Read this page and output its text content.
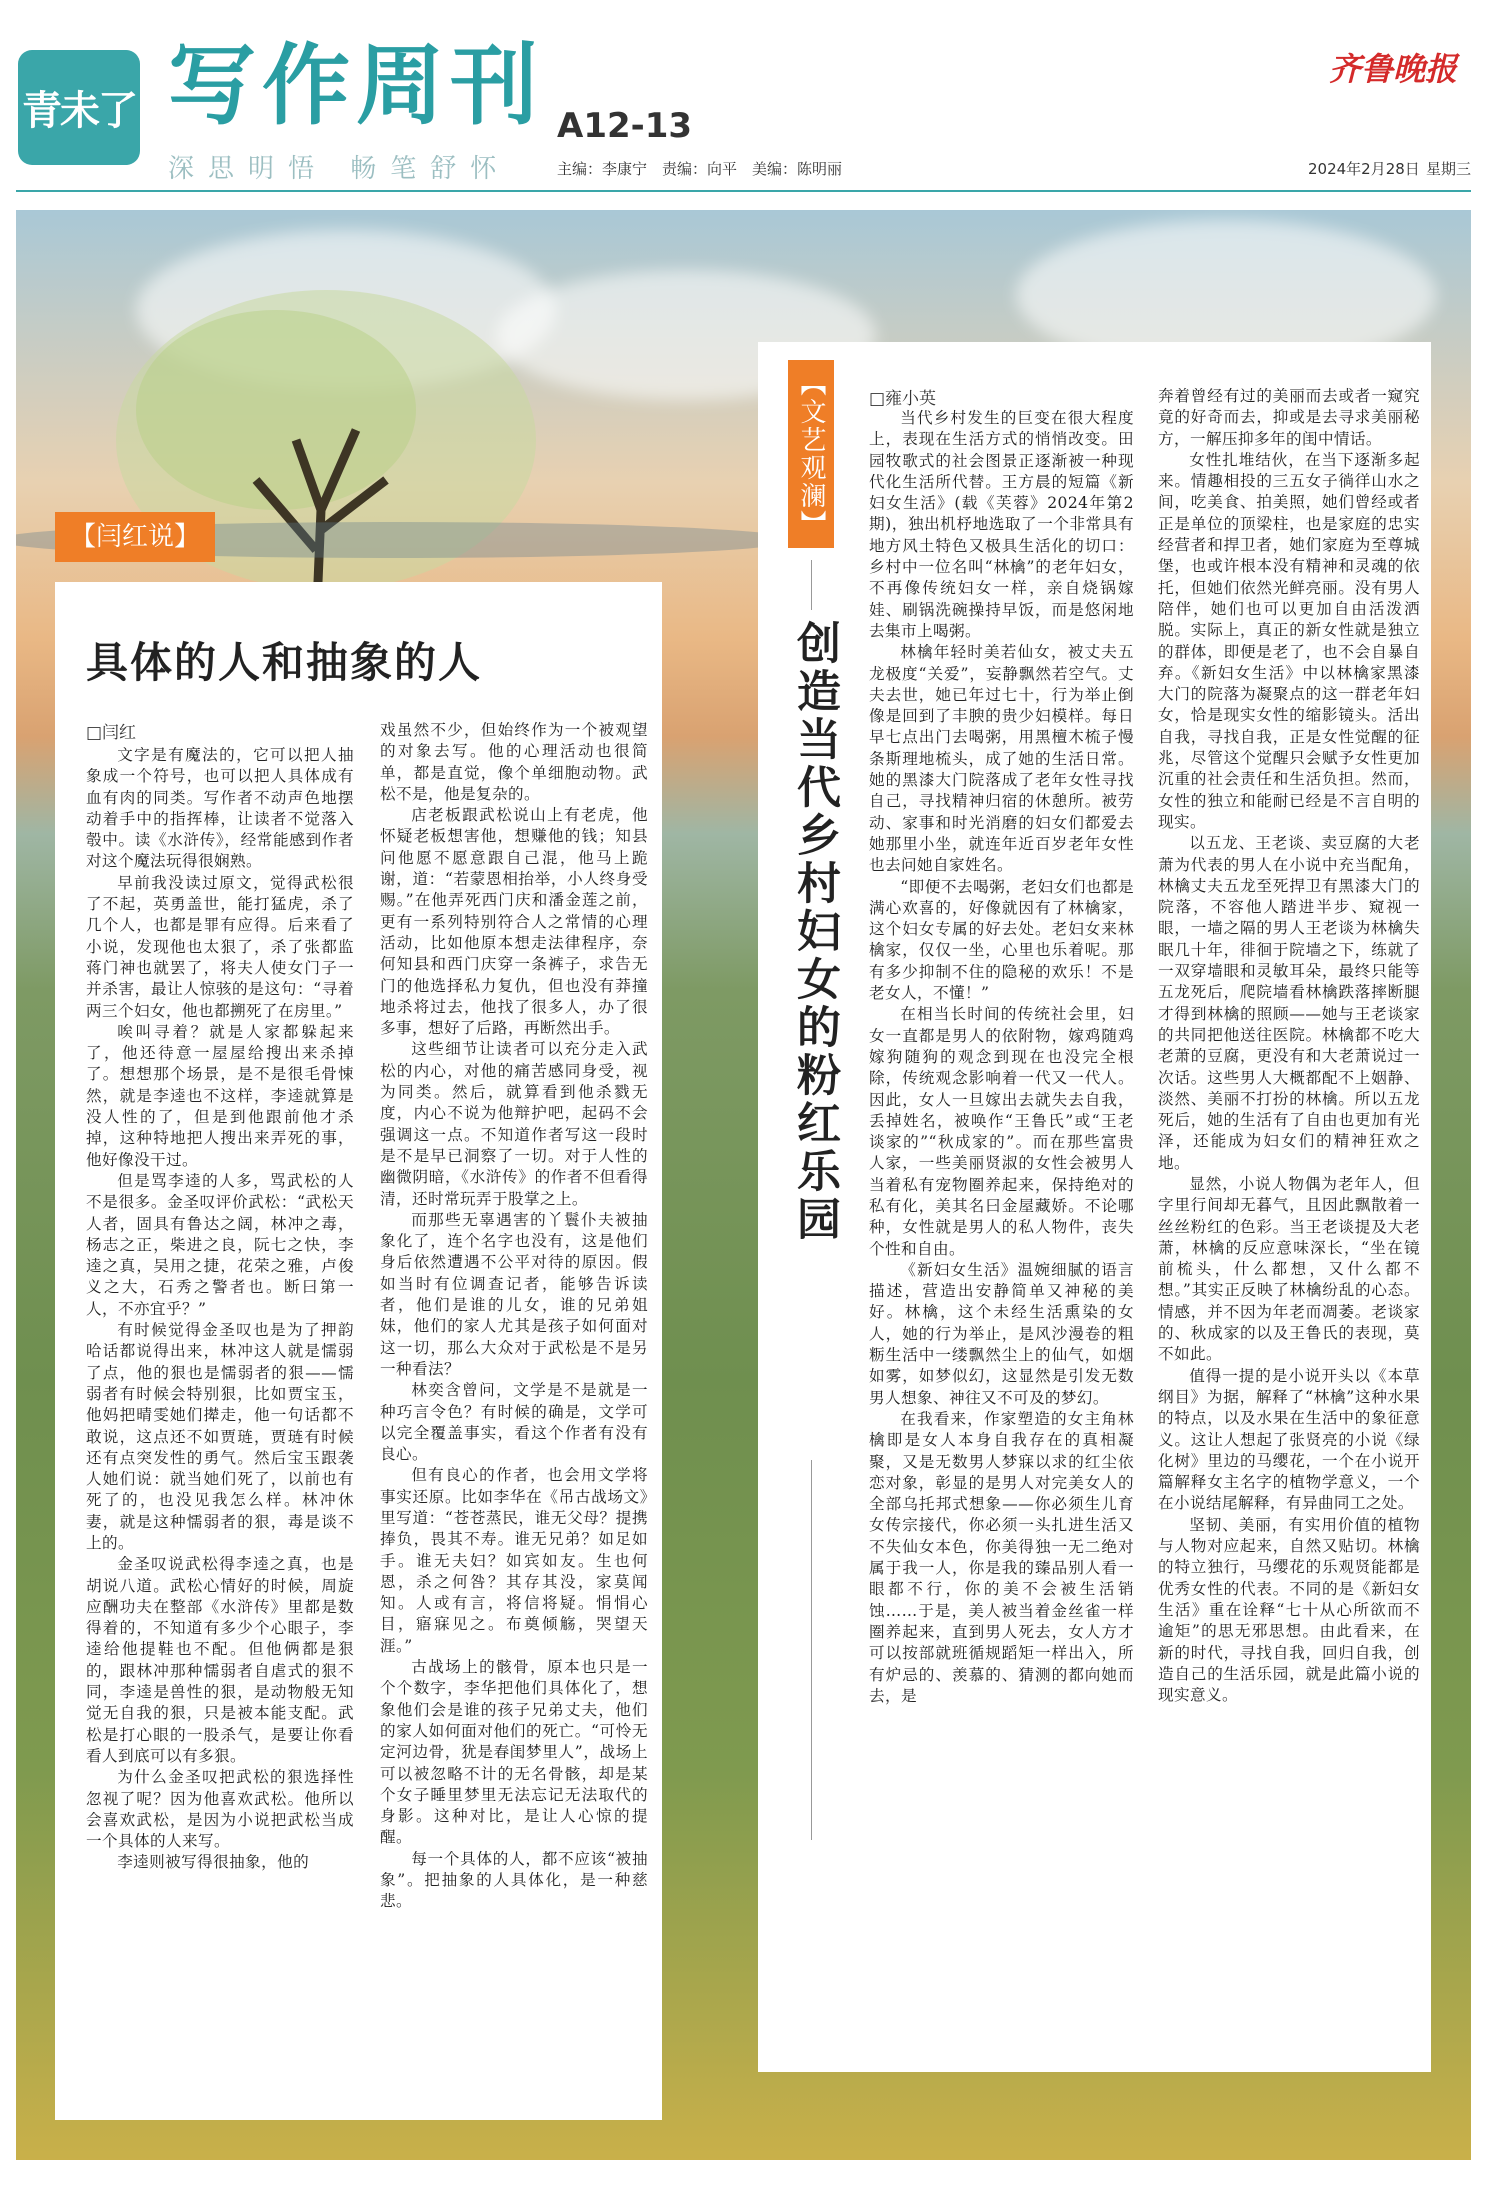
青未了 写作周刊 A12-13
深思明悟 畅笔舒怀	主编：李康宁　责编：向平　美编：陈明丽
齐鲁晚报
2024年2月28日 星期三
【闫红说】
具体的人和抽象的人
□闫红

文字是有魔法的，它可以把人抽象成一个符号，也可以把人具体成有血有肉的同类。写作者不动声色地摆动着手中的指挥棒，让读者不觉落入彀中。读《水浒传》，经常能感到作者对这个魔法玩得很娴熟。

早前我没读过原文，觉得武松很了不起，英勇盖世，能打猛虎，杀了几个人，也都是罪有应得。后来看了小说，发现他也太狠了，杀了张都监蒋门神也就罢了，将夫人使女门子一并杀害，最让人惊骇的是这句：“寻着两三个妇女，他也都搠死了在房里。”

唉叫寻着？就是人家都躲起来了，他还待意一屋屋给搜出来杀掉了。想想那个场景，是不是很毛骨悚然，就是李逵也不这样，李逵就算是没人性的了，但是到他跟前他才杀掉，这种特地把人搜出来弄死的事，他好像没干过。

但是骂李逵的人多，骂武松的人不是很多。金圣叹评价武松：“武松天人者，固具有鲁达之阔，林冲之毒，杨志之正，柴进之良，阮七之快，李逵之真，吴用之捷，花荣之雅，卢俊义之大，石秀之警者也。断曰第一人，不亦宜乎？”

有时候觉得金圣叹也是为了押韵哈话都说得出来，林冲这人就是懦弱了点，他的狠也是懦弱者的狠——懦弱者有时候会特别狠，比如贾宝玉，他妈把晴雯她们撵走，他一句话都不敢说，这点还不如贾琏，贾琏有时候还有点突发性的勇气。然后宝玉跟袭人她们说：就当她们死了，以前也有死了的，也没见我怎么样。林冲休妻，就是这种懦弱者的狠，毒是谈不上的。

金圣叹说武松得李逵之真，也是胡说八道。武松心情好的时候，周旋应酬功夫在整部《水浒传》里都是数得着的，不知道有多少个心眼子，李逵给他提鞋也不配。但他俩都是狠的，跟林冲那种懦弱者自虐式的狠不同，李逵是兽性的狠，是动物般无知觉无自我的狠，只是被本能支配。武松是打心眼的一股杀气，是要让你看看人到底可以有多狠。

为什么金圣叹把武松的狠选择性忽视了呢？因为他喜欢武松。他所以会喜欢武松，是因为小说把武松当成一个具体的人来写。

李逵则被写得很抽象，他的

戏虽然不少，但始终作为一个被观望的对象去写。他的心理活动也很简单，都是直觉，像个单细胞动物。武松不是，他是复杂的。

店老板跟武松说山上有老虎，他怀疑老板想害他，想赚他的钱；知县问他愿不愿意跟自己混，他马上跪谢，道：“若蒙恩相抬举，小人终身受赐。”在他弄死西门庆和潘金莲之前，更有一系列特别符合人之常情的心理活动，比如他原本想走法律程序，奈何知县和西门庆穿一条裤子，求告无门的他选择私力复仇，但也没有莽撞地杀将过去，他找了很多人，办了很多事，想好了后路，再断然出手。

这些细节让读者可以充分走入武松的内心，对他的痛苦感同身受，视为同类。然后，就算看到他杀戮无度，内心不说为他辩护吧，起码不会强调这一点。不知道作者写这一段时是不是早已洞察了一切。对于人性的幽微阴暗，《水浒传》的作者不但看得清，还时常玩弄于股掌之上。

而那些无辜遇害的丫鬟仆夫被抽象化了，连个名字也没有，这是他们身后依然遭遇不公平对待的原因。假如当时有位调查记者，能够告诉读者，他们是谁的儿女，谁的兄弟姐妹，他们的家人尤其是孩子如何面对这一切，那么大众对于武松是不是另一种看法？

林奕含曾问，文学是不是就是一种巧言令色？有时候的确是，文学可以完全覆盖事实，看这个作者有没有良心。

但有良心的作者，也会用文学将事实还原。比如李华在《吊古战场文》里写道：“苍苍蒸民，谁无父母？提携捧负，畏其不寿。谁无兄弟？如足如手。谁无夫妇？如宾如友。生也何恩，杀之何咎？其存其没，家莫闻知。人或有言，将信将疑。悁悁心目，寤寐见之。布奠倾觞，哭望天涯。”

古战场上的骸骨，原本也只是一个个数字，李华把他们具体化了，想象他们会是谁的孩子兄弟丈夫，他们的家人如何面对他们的死亡。“可怜无定河边骨，犹是春闺梦里人”，战场上可以被忽略不计的无名骨骸，却是某个女子睡里梦里无法忘记无法取代的身影。这种对比，是让人心惊的提醒。

每一个具体的人，都不应该“被抽象”。把抽象的人具体化，是一种慈悲。

【文艺观澜】
创造当代乡村妇女的粉红乐园
□雍小英

当代乡村发生的巨变在很大程度上，表现在生活方式的悄悄改变。田园牧歌式的社会图景正逐渐被一种现代化生活所代替。王方晨的短篇《新妇女生活》(载《芙蓉》2024年第2期)，独出机杼地选取了一个非常具有地方风土特色又极具生活化的切口：乡村中一位名叫“林檎”的老年妇女，不再像传统妇女一样，亲自烧锅嫁娃、刷锅洗碗操持早饭，而是悠闲地去集市上喝粥。

林檎年轻时美若仙女，被丈夫五龙极度“关爱”，妄静飘然若空气。丈夫去世，她已年过七十，行为举止倒像是回到了丰腴的贵少妇模样。每日早七点出门去喝粥，用黑檀木梳子慢条斯理地梳头，成了她的生活日常。她的黑漆大门院落成了老年女性寻找自己，寻找精神归宿的休憩所。被劳动、家事和时光消磨的妇女们都爱去她那里小坐，就连年近百岁老年女性也去问她自家姓名。

“即便不去喝粥，老妇女们也都是满心欢喜的，好像就因有了林檎家，这个妇女专属的好去处。老妇女来林檎家，仅仅一坐，心里也乐着呢。那有多少抑制不住的隐秘的欢乐！不是老女人，不懂！”

在相当长时间的传统社会里，妇女一直都是男人的依附物，嫁鸡随鸡嫁狗随狗的观念到现在也没完全根除，传统观念影响着一代又一代人。因此，女人一旦嫁出去就失去自我，丢掉姓名，被唤作“王鲁氏”或“王老谈家的”“秋成家的”。而在那些富贵人家，一些美丽贤淑的女性会被男人当着私有宠物圈养起来，保持绝对的私有化，美其名曰金屋藏娇。不论哪种，女性就是男人的私人物件，丧失个性和自由。

《新妇女生活》温婉细腻的语言描述，营造出安静简单又神秘的美好。林檎，这个未经生活熏染的女人，她的行为举止，是风沙漫卷的粗粝生活中一缕飘然尘上的仙气，如烟如雾，如梦似幻，这显然是引发无数男人想象、神往又不可及的梦幻。

在我看来，作家塑造的女主角林檎即是女人本身自我存在的真相凝聚，又是无数男人梦寐以求的红尘依恋对象，彰显的是男人对完美女人的全部乌托邦式想象——你必须生儿育女传宗接代，你必须一头扎进生活又不失仙女本色，你美得独一无二绝对属于我一人，你是我的臻品别人看一眼都不行，你的美不会被生活销蚀……于是，美人被当着金丝雀一样圈养起来，直到男人死去，女人方才可以按部就班循规蹈矩一样出入，所有炉忌的、羡慕的、猜测的都向她而去，是

奔着曾经有过的美丽而去或者一窥究竟的好奇而去，抑或是去寻求美丽秘方，一解压抑多年的闺中情话。

女性扎堆结伙，在当下逐渐多起来。情趣相投的三五女子徜徉山水之间，吃美食、拍美照，她们曾经或者正是单位的顶梁柱，也是家庭的忠实经营者和捍卫者，她们家庭为至尊城堡，也或许根本没有精神和灵魂的依托，但她们依然光鲜亮丽。没有男人陪伴，她们也可以更加自由活泼洒脱。实际上，真正的新女性就是独立的群体，即便是老了，也不会自暴自弃。《新妇女生活》中以林檎家黑漆大门的院落为凝聚点的这一群老年妇女，恰是现实女性的缩影镜头。活出自我，寻找自我，正是女性觉醒的征兆，尽管这个觉醒只会赋予女性更加沉重的社会责任和生活负担。然而，女性的独立和能耐已经是不言自明的现实。

以五龙、王老谈、卖豆腐的大老萧为代表的男人在小说中充当配角，林檎丈夫五龙至死捍卫有黑漆大门的院落，不容他人踏进半步、窥视一眼，一墙之隔的男人王老谈为林檎失眠几十年，徘徊于院墙之下，练就了一双穿墙眼和灵敏耳朵，最终只能等五龙死后，爬院墙看林檎跌落摔断腿才得到林檎的照顾——她与王老谈家的共同把他送往医院。林檎都不吃大老萧的豆腐，更没有和大老萧说过一次话。这些男人大概都配不上姻静、淡然、美丽不打扮的林檎。所以五龙死后，她的生活有了自由也更加有光泽，还能成为妇女们的精神狂欢之地。

显然，小说人物偶为老年人，但字里行间却无暮气，且因此飘散着一丝丝粉红的色彩。当王老谈提及大老萧，林檎的反应意味深长，“坐在镜前梳头，什么都想，又什么都不想。”其实正反映了林檎纷乱的心态。情感，并不因为年老而凋萎。老谈家的、秋成家的以及王鲁氏的表现，莫不如此。

值得一提的是小说开头以《本草纲目》为据，解释了“林檎”这种水果的特点，以及水果在生活中的象征意义。这让人想起了张贤亮的小说《绿化树》里边的马缨花，一个在小说开篇解释女主名字的植物学意义，一个在小说结尾解释，有异曲同工之处。

坚韧、美丽，有实用价值的植物与人物对应起来，自然又贴切。林檎的特立独行，马缨花的乐观贤能都是优秀女性的代表。不同的是《新妇女生活》重在诠释“七十从心所欲而不逾矩”的思无邪思想。由此看来，在新的时代，寻找自我，回归自我，创造自己的生活乐园，就是此篇小说的现实意义。
